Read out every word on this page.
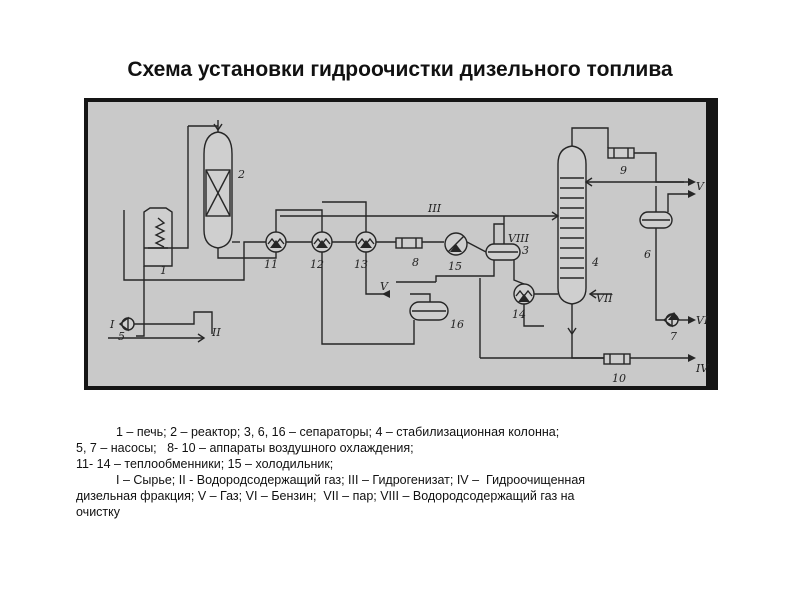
Схема установки гидроочистки дизельного топлива
1
2
3
4
5
6
7
8
9
10
11	12	13
14
15
16
I
II
III
IV
V
V
VI
VII
VIII
1 – печь; 2 – реактор; 3, 6, 16 – сепараторы; 4 – стабилизационная колонна;
5, 7 – насосы;   8- 10 – аппараты воздушного охлаждения;
11- 14 – теплообменники; 15 – холодильник;
I – Сырье; II - Водородсодержащий газ; III – Гидрогенизат; IV –  Гидроочищенная
дизельная фракция; V – Газ; VI – Бензин;  VII – пар; VIII – Водородсодержащий газ на
очистку
